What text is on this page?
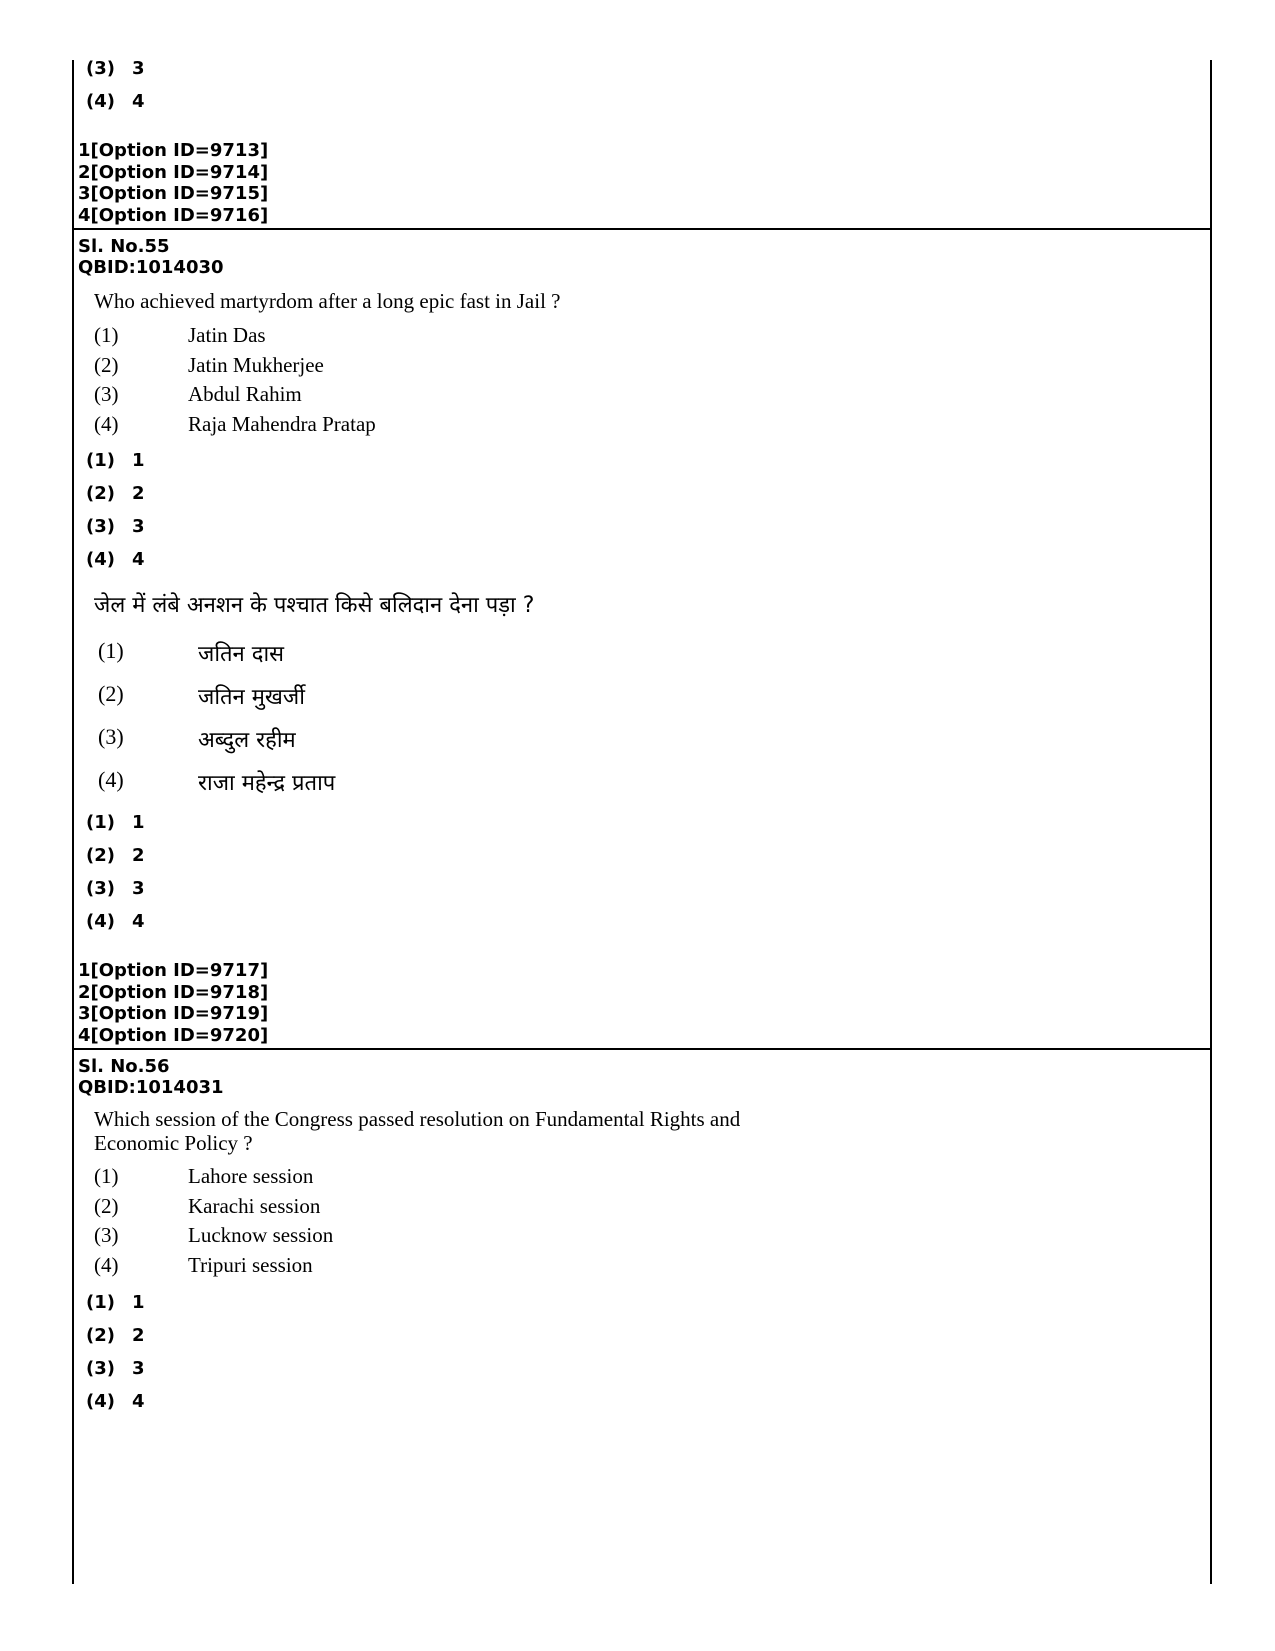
(3) 3
(4) 4
1[Option ID=9713]
2[Option ID=9714]
3[Option ID=9715]
4[Option ID=9716]
Sl. No.55
QBID:1014030
Who achieved martyrdom after a long epic fast in Jail ?
(1)	Jatin Das
(2)	Jatin Mukherjee
(3)	Abdul Rahim
(4)	Raja Mahendra Pratap
(1) 1
(2) 2
(3) 3
(4) 4
जेल में लंबे अनशन के पश्चात किसे बलिदान देना पड़ा ?
(1)	जतिन दास
(2)	जतिन मुखर्जी
(3)	अब्दुल रहीम
(4)	राजा महेन्द्र प्रताप
(1) 1
(2) 2
(3) 3
(4) 4
1[Option ID=9717]
2[Option ID=9718]
3[Option ID=9719]
4[Option ID=9720]
Sl. No.56
QBID:1014031
Which session of the Congress passed resolution on Fundamental Rights and
Economic Policy ?
(1)	Lahore session
(2)	Karachi session
(3)	Lucknow session
(4)	Tripuri session
(1) 1
(2) 2
(3) 3
(4) 4
